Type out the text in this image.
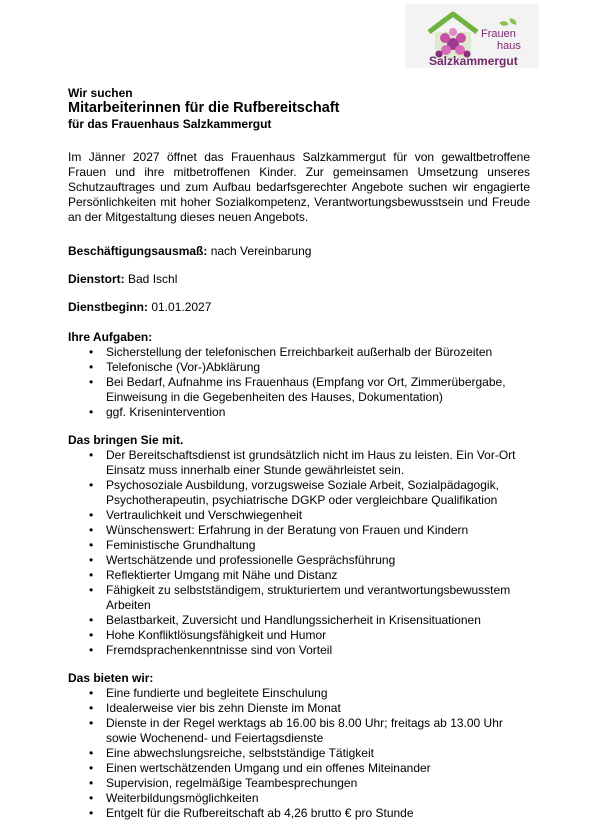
Frauen
haus
Salzkammergut
Wir suchen
Mitarbeiterinnen für die Rufbereitschaft
für das Frauenhaus Salzkammergut

Im Jänner 2027 öffnet das Frauenhaus Salzkammergut für von gewaltbetroffene Frauen und ihre mitbetroffenen Kinder. Zur gemeinsamen Umsetzung unseres Schutzauftrages und zum Aufbau bedarfsgerechter Angebote suchen wir engagierte Persönlichkeiten mit hoher Sozialkompetenz, Verantwortungsbewusstsein und Freude an der Mitgestaltung dieses neuen Angebots.

Beschäftigungsausmaß: nach Vereinbarung

Dienstort: Bad Ischl

Dienstbeginn: 01.01.2027

Ihre Aufgaben:
• Sicherstellung der telefonischen Erreichbarkeit außerhalb der Bürozeiten
• Telefonische (Vor-)Abklärung
• Bei Bedarf, Aufnahme ins Frauenhaus (Empfang vor Ort, Zimmerübergabe, Einweisung in die Gegebenheiten des Hauses, Dokumentation)
• ggf. Krisenintervention
Das bringen Sie mit.
• Der Bereitschaftsdienst ist grundsätzlich nicht im Haus zu leisten. Ein Vor-Ort Einsatz muss innerhalb einer Stunde gewährleistet sein.
• Psychosoziale Ausbildung, vorzugsweise Soziale Arbeit, Sozialpädagogik, Psychotherapeutin, psychiatrische DGKP oder vergleichbare Qualifikation
• Vertraulichkeit und Verschwiegenheit
• Wünschenswert: Erfahrung in der Beratung von Frauen und Kindern
• Feministische Grundhaltung
• Wertschätzende und professionelle Gesprächsführung
• Reflektierter Umgang mit Nähe und Distanz
• Fähigkeit zu selbstständigem, strukturiertem und verantwortungsbewusstem Arbeiten
• Belastbarkeit, Zuversicht und Handlungssicherheit in Krisensituationen
• Hohe Konfliktlösungsfähigkeit und Humor
• Fremdsprachenkenntnisse sind von Vorteil
Das bieten wir:
• Eine fundierte und begleitete Einschulung
• Idealerweise vier bis zehn Dienste im Monat
• Dienste in der Regel werktags ab 16.00 bis 8.00 Uhr; freitags ab 13.00 Uhr sowie Wochenend- und Feiertagsdienste
• Eine abwechslungsreiche, selbstständige Tätigkeit
• Einen wertschätzenden Umgang und ein offenes Miteinander
• Supervision, regelmäßige Teambesprechungen
• Weiterbildungsmöglichkeiten
• Entgelt für die Rufbereitschaft ab 4,26 brutto € pro Stunde
